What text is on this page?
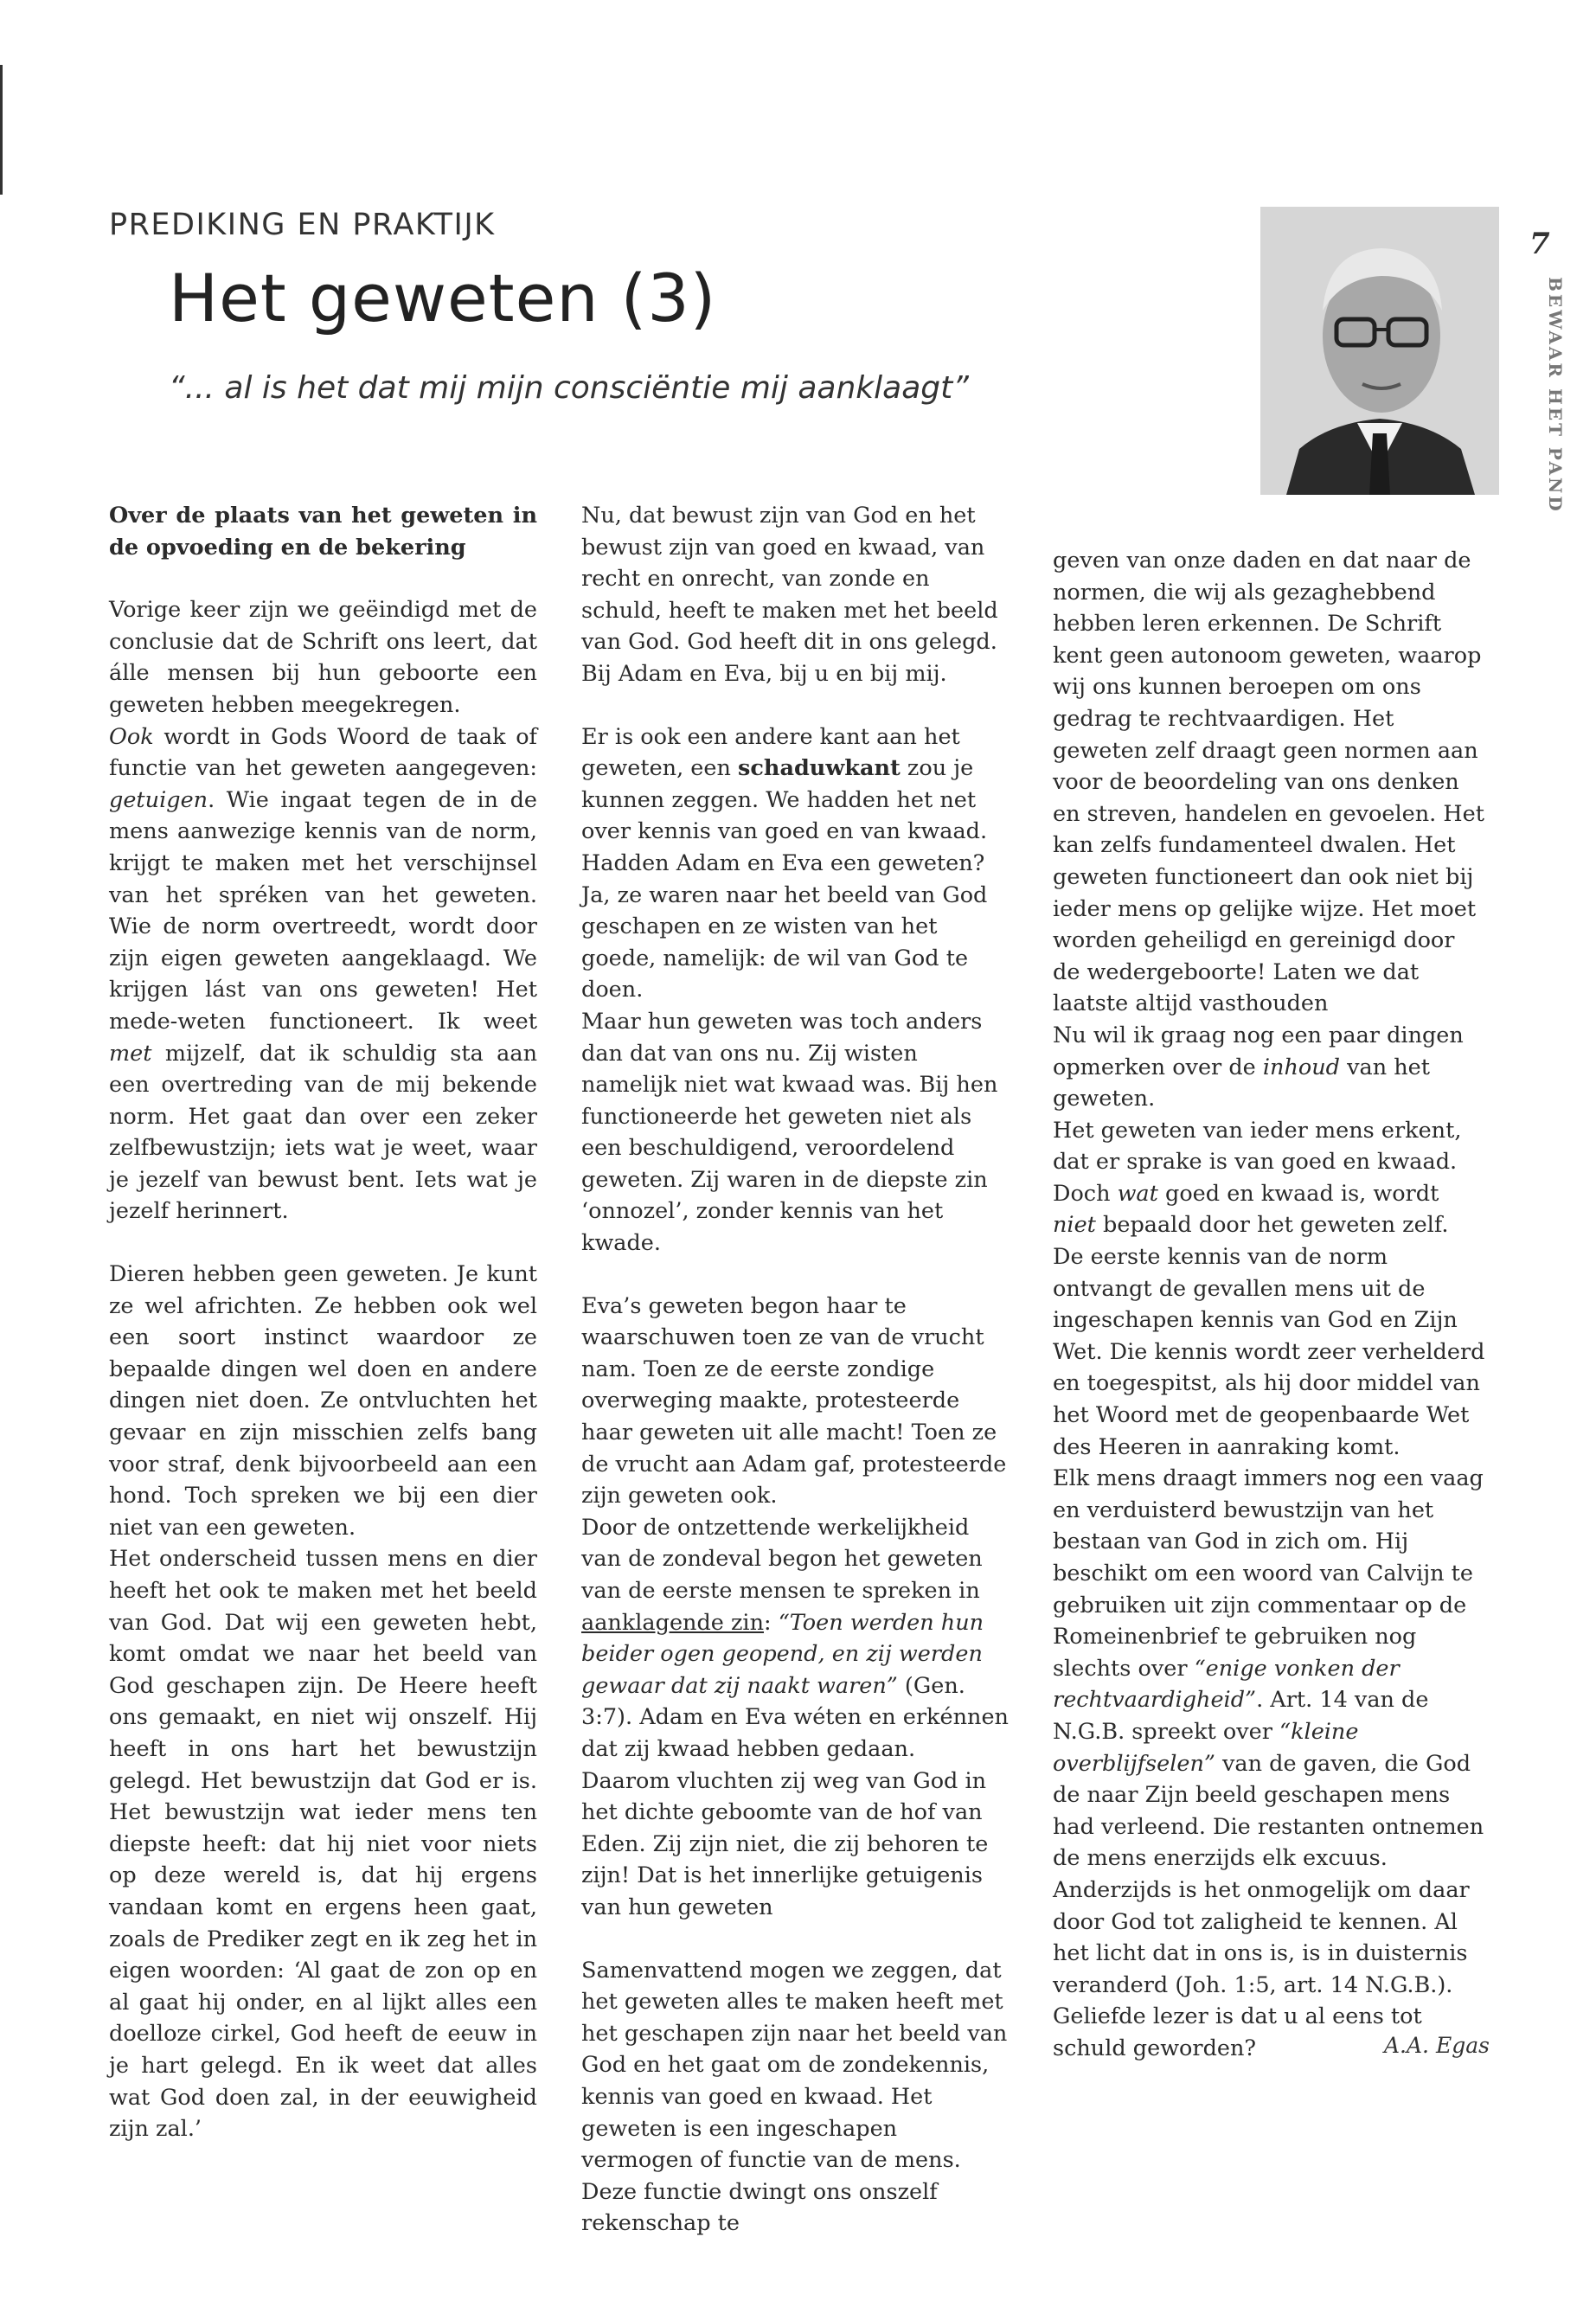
PREDIKING EN PRAKTIJK
Het geweten (3)
“... al is het dat mij mijn consciëntie mij aanklaagt”
7
BEWAAR HET PAND

Over de plaats van het geweten in de opvoeding en de bekering

Vorige keer zijn we geëindigd met de conclusie dat de Schrift ons leert, dat álle mensen bij hun geboorte een geweten hebben meegekregen.

Ook wordt in Gods Woord de taak of functie van het geweten aangegeven: getuigen. Wie ingaat tegen de in de mens aanwezige kennis van de norm, krijgt te maken met het verschijnsel van het spréken van het geweten. Wie de norm overtreedt, wordt door zijn eigen geweten aangeklaagd. We krijgen lást van ons geweten! Het mede-weten functioneert. Ik weet met mijzelf, dat ik schuldig sta aan een overtreding van de mij bekende norm. Het gaat dan over een zeker zelfbewustzijn; iets wat je weet, waar je jezelf van bewust bent. Iets wat je jezelf herinnert.

Dieren hebben geen geweten. Je kunt ze wel africhten. Ze hebben ook wel een soort instinct waardoor ze bepaalde dingen wel doen en andere dingen niet doen. Ze ontvluchten het gevaar en zijn misschien zelfs bang voor straf, denk bijvoorbeeld aan een hond. Toch spreken we bij een dier niet van een geweten.

Het onderscheid tussen mens en dier heeft het ook te maken met het beeld van God. Dat wij een geweten hebt, komt omdat we naar het beeld van God geschapen zijn. De Heere heeft ons gemaakt, en niet wij onszelf. Hij heeft in ons hart het bewustzijn gelegd. Het bewustzijn dat God er is. Het bewustzijn wat ieder mens ten diepste heeft: dat hij niet voor niets op deze wereld is, dat hij ergens vandaan komt en ergens heen gaat, zoals de Prediker zegt en ik zeg het in eigen woorden: ‘Al gaat de zon op en al gaat hij onder, en al lijkt alles een doelloze cirkel, God heeft de eeuw in je hart gelegd. En ik weet dat alles wat God doen zal, in der eeuwigheid zijn zal.’

Nu, dat bewust zijn van God en het bewust zijn van goed en kwaad, van recht en onrecht, van zonde en schuld, heeft te maken met het beeld van God. God heeft dit in ons gelegd. Bij Adam en Eva, bij u en bij mij.

Er is ook een andere kant aan het geweten, een schaduwkant zou je kunnen zeggen. We hadden het net over kennis van goed en van kwaad. Hadden Adam en Eva een geweten? Ja, ze waren naar het beeld van God geschapen en ze wisten van het goede, namelijk: de wil van God te doen.

Maar hun geweten was toch anders dan dat van ons nu. Zij wisten namelijk niet wat kwaad was. Bij hen functioneerde het geweten niet als een beschuldigend, veroordelend geweten. Zij waren in de diepste zin ‘onnozel’, zonder kennis van het kwade.

Eva’s geweten begon haar te waarschuwen toen ze van de vrucht nam. Toen ze de eerste zondige overweging maakte, protesteerde haar geweten uit alle macht! Toen ze de vrucht aan Adam gaf, protesteerde zijn geweten ook.

Door de ontzettende werkelijkheid van de zondeval begon het geweten van de eerste mensen te spreken in aanklagende zin: “Toen werden hun beider ogen geopend, en zij werden gewaar dat zij naakt waren” (Gen. 3:7). Adam en Eva wéten en erkénnen dat zij kwaad hebben gedaan. Daarom vluchten zij weg van God in het dichte geboomte van de hof van Eden. Zij zijn niet, die zij behoren te zijn! Dat is het innerlijke getuigenis van hun geweten

Samenvattend mogen we zeggen, dat het geweten alles te maken heeft met het geschapen zijn naar het beeld van God en het gaat om de zondekennis, kennis van goed en kwaad. Het geweten is een ingeschapen vermogen of functie van de mens. Deze functie dwingt ons onszelf rekenschap te

geven van onze daden en dat naar de normen, die wij als gezaghebbend hebben leren erkennen. De Schrift kent geen autonoom geweten, waarop wij ons kunnen beroepen om ons gedrag te rechtvaardigen. Het geweten zelf draagt geen normen aan voor de beoordeling van ons denken en streven, handelen en gevoelen. Het kan zelfs fundamenteel dwalen. Het geweten functioneert dan ook niet bij ieder mens op gelijke wijze. Het moet worden geheiligd en gereinigd door de wedergeboorte! Laten we dat laatste altijd vasthouden

Nu wil ik graag nog een paar dingen opmerken over de inhoud van het geweten.

Het geweten van ieder mens erkent, dat er sprake is van goed en kwaad. Doch wat goed en kwaad is, wordt niet bepaald door het geweten zelf. De eerste kennis van de norm ontvangt de gevallen mens uit de ingeschapen kennis van God en Zijn Wet. Die kennis wordt zeer verhelderd en toegespitst, als hij door middel van het Woord met de geopenbaarde Wet des Heeren in aanraking komt.

Elk mens draagt immers nog een vaag en verduisterd bewustzijn van het bestaan van God in zich om. Hij beschikt om een woord van Calvijn te gebruiken uit zijn commentaar op de Romeinenbrief te gebruiken nog slechts over “enige vonken der rechtvaardigheid”. Art. 14 van de N.G.B. spreekt over “kleine overblijfselen” van de gaven, die God de naar Zijn beeld geschapen mens had verleend. Die restanten ontnemen de mens enerzijds elk excuus. Anderzijds is het onmogelijk om daar door God tot zaligheid te kennen. Al het licht dat in ons is, is in duisternis veranderd (Joh. 1:5, art. 14 N.G.B.). Geliefde lezer is dat u al eens tot schuld geworden?	A.A. Egas
